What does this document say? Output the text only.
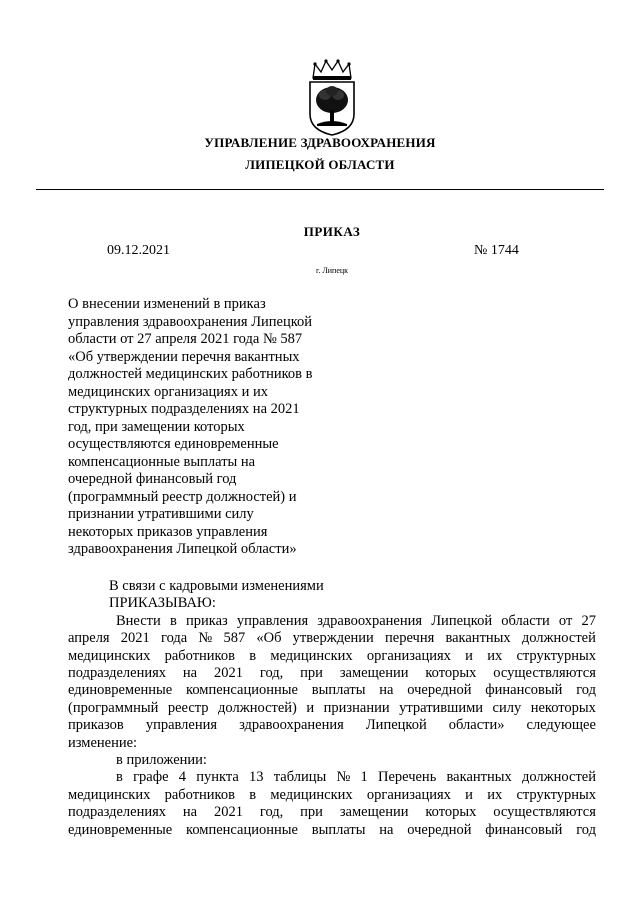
УПРАВЛЕНИЕ ЗДРАВООХРАНЕНИЯ
ЛИПЕЦКОЙ ОБЛАСТИ
ПРИКАЗ
09.12.2021	№ 1744
г. Липецк
О внесении изменений в приказ
управления здравоохранения Липецкой
области от 27 апреля 2021 года № 587
«Об утверждении перечня вакантных
должностей медицинских работников в
медицинских организациях и их
структурных подразделениях на 2021
год, при замещении которых
осуществляются единовременные
компенсационные выплаты на
очередной финансовый год
(программный реестр должностей) и
признании утратившими силу
некоторых приказов управления
здравоохранения Липецкой области»
В связи с кадровыми изменениями
ПРИКАЗЫВАЮ:
Внести в приказ управления здравоохранения Липецкой области от 27
апреля 2021 года № 587 «Об утверждении перечня вакантных должностей
медицинских работников в медицинских организациях и их структурных
подразделениях на 2021 год, при замещении которых осуществляются
единовременные компенсационные выплаты на очередной финансовый год
(программный реестр должностей) и признании утратившими силу некоторых
приказов управления здравоохранения Липецкой области» следующее
изменение:
в приложении:
в графе 4 пункта 13 таблицы № 1 Перечень вакантных должностей
медицинских работников в медицинских организациях и их структурных
подразделениях на 2021 год, при замещении которых осуществляются
единовременные компенсационные выплаты на очередной финансовый год
